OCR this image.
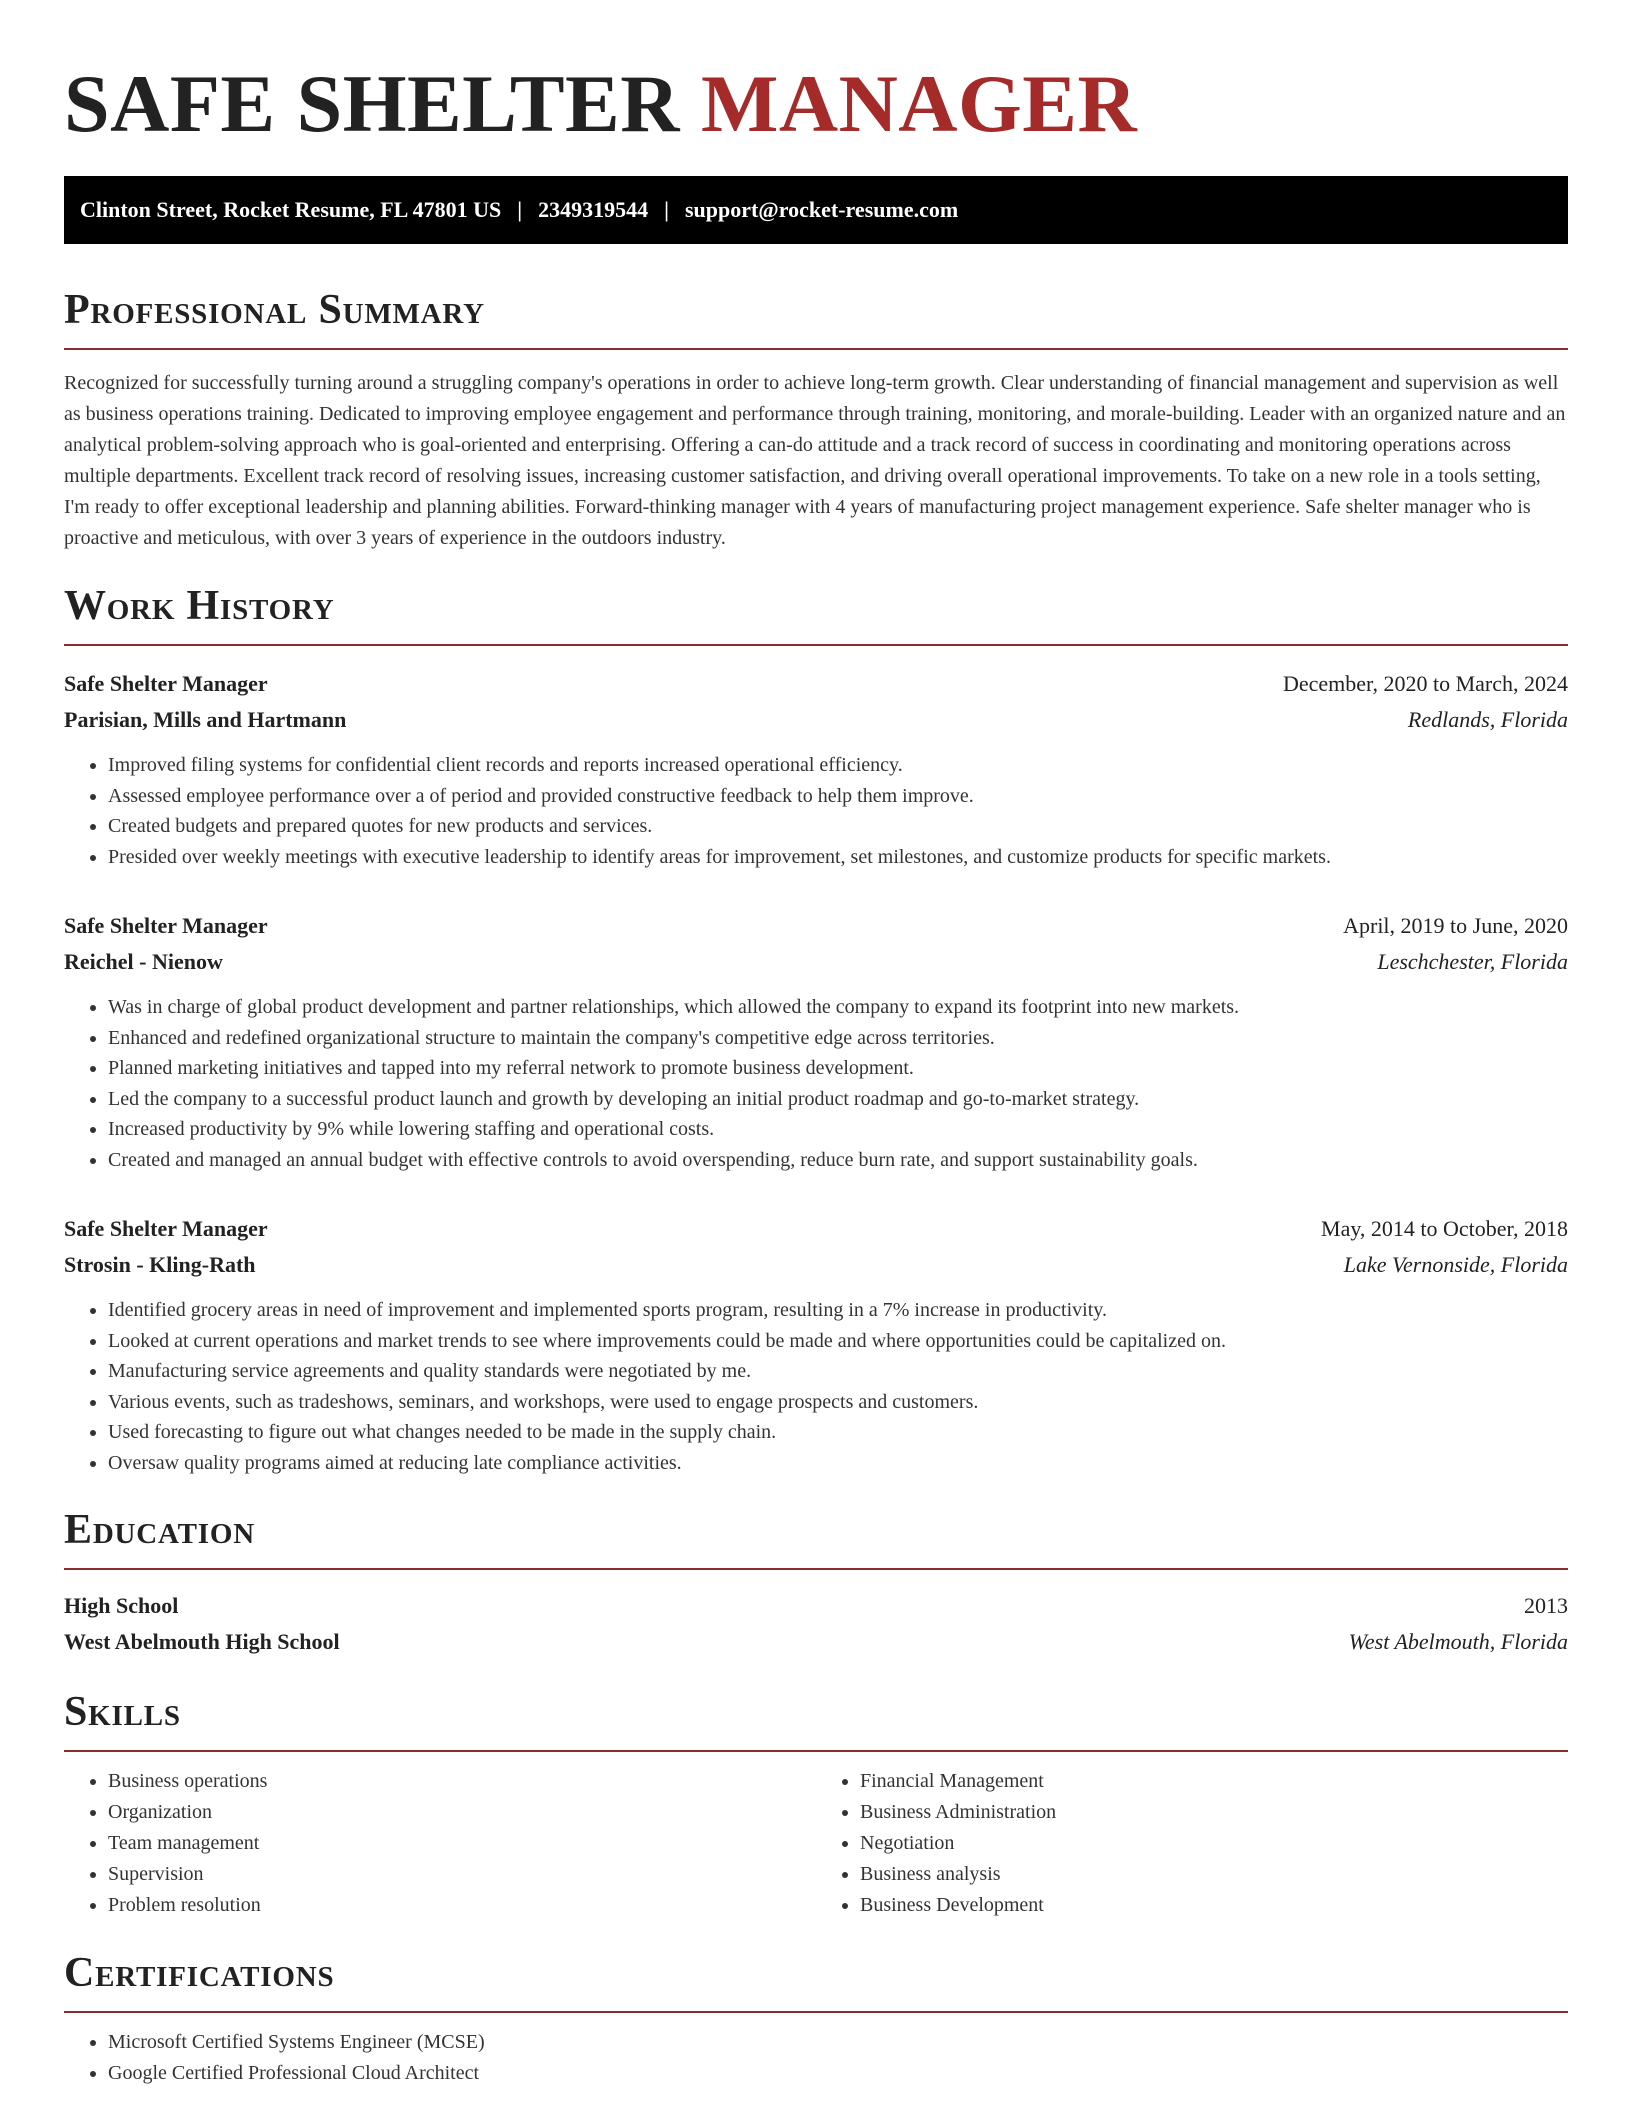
SAFE SHELTER MANAGER
Clinton Street, Rocket Resume, FL 47801 US | 2349319544 | support@rocket-resume.com
Professional Summary

Recognized for successfully turning around a struggling company's operations in order to achieve long-term growth. Clear understanding of financial management and supervision as well as business operations training. Dedicated to improving employee engagement and performance through training, monitoring, and morale-building. Leader with an organized nature and an analytical problem-solving approach who is goal-oriented and enterprising. Offering a can-do attitude and a track record of success in coordinating and monitoring operations across multiple departments. Excellent track record of resolving issues, increasing customer satisfaction, and driving overall operational improvements. To take on a new role in a tools setting, I'm ready to offer exceptional leadership and planning abilities. Forward-thinking manager with 4 years of manufacturing project management experience. Safe shelter manager who is proactive and meticulous, with over 3 years of experience in the outdoors industry.

Work History
Safe Shelter Manager	December, 2020 to March, 2024
Parisian, Mills and Hartmann	Redlands, Florida
• Improved filing systems for confidential client records and reports increased operational efficiency.
• Assessed employee performance over a of period and provided constructive feedback to help them improve.
• Created budgets and prepared quotes for new products and services.
• Presided over weekly meetings with executive leadership to identify areas for improvement, set milestones, and customize products for specific markets.
Safe Shelter Manager	April, 2019 to June, 2020
Reichel - Nienow	Leschchester, Florida
• Was in charge of global product development and partner relationships, which allowed the company to expand its footprint into new markets.
• Enhanced and redefined organizational structure to maintain the company's competitive edge across territories.
• Planned marketing initiatives and tapped into my referral network to promote business development.
• Led the company to a successful product launch and growth by developing an initial product roadmap and go-to-market strategy.
• Increased productivity by 9% while lowering staffing and operational costs.
• Created and managed an annual budget with effective controls to avoid overspending, reduce burn rate, and support sustainability goals.
Safe Shelter Manager	May, 2014 to October, 2018
Strosin - Kling-Rath	Lake Vernonside, Florida
• Identified grocery areas in need of improvement and implemented sports program, resulting in a 7% increase in productivity.
• Looked at current operations and market trends to see where improvements could be made and where opportunities could be capitalized on.
• Manufacturing service agreements and quality standards were negotiated by me.
• Various events, such as tradeshows, seminars, and workshops, were used to engage prospects and customers.
• Used forecasting to figure out what changes needed to be made in the supply chain.
• Oversaw quality programs aimed at reducing late compliance activities.
Education
High School	2013
West Abelmouth High School	West Abelmouth, Florida
Skills
• Business operations
• Organization
• Team management
• Supervision
• Problem resolution
• Financial Management
• Business Administration
• Negotiation
• Business analysis
• Business Development
Certifications
• Microsoft Certified Systems Engineer (MCSE)
• Google Certified Professional Cloud Architect
